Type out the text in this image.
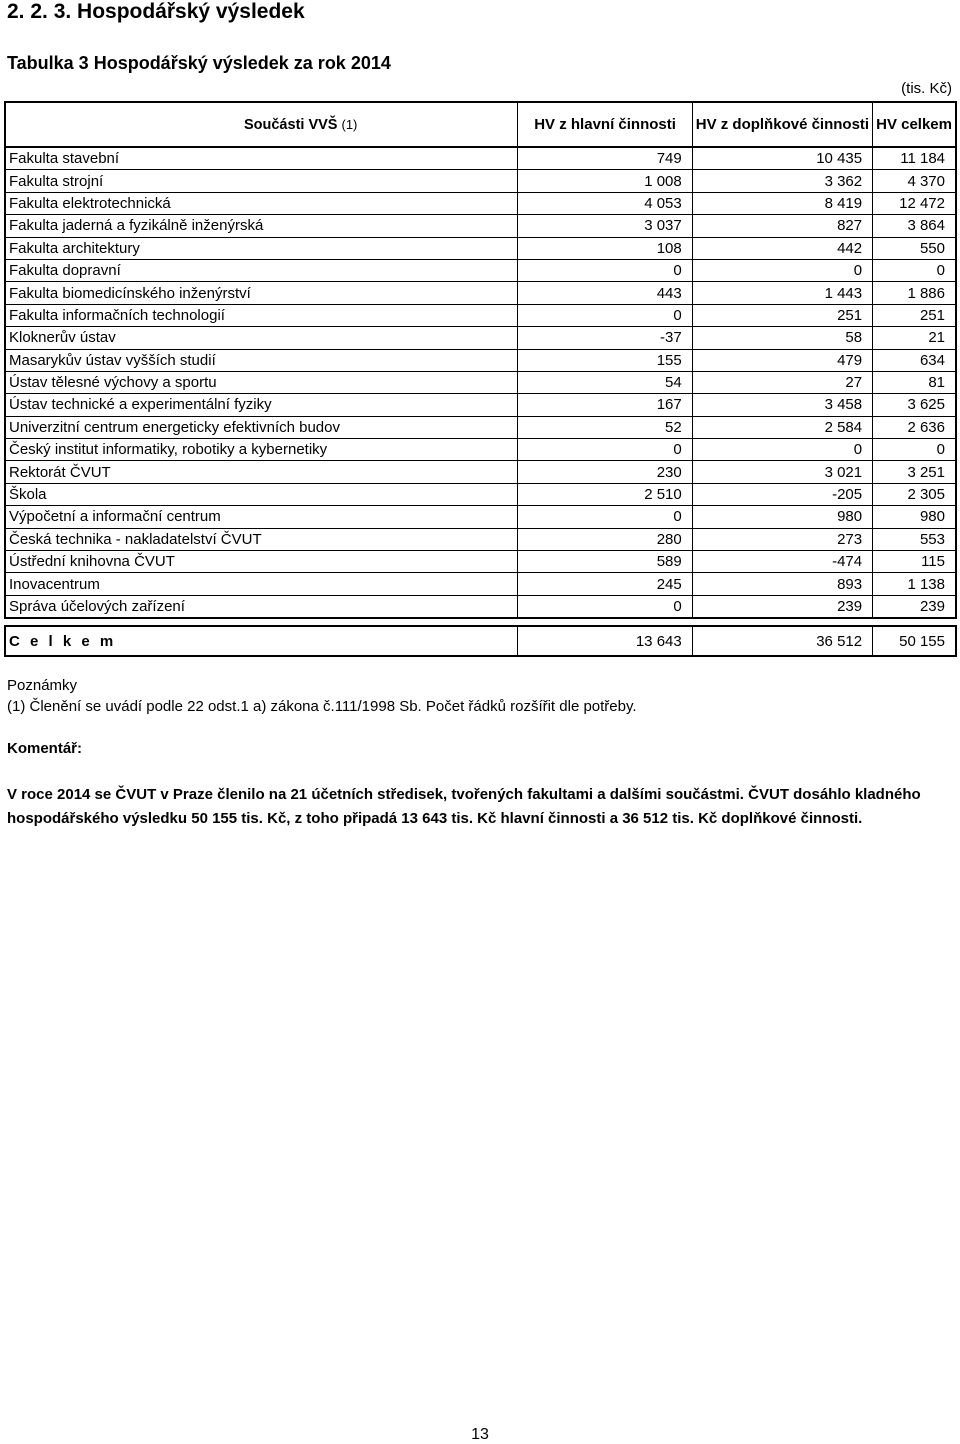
2. 2. 3. Hospodářský výsledek
Tabulka 3 Hospodářský výsledek za rok 2014
(tis. Kč)
Součásti VVŠ (1)	HV z hlavní činnosti	HV z doplňkové činnosti	HV celkem
Fakulta stavební	749	10 435	11 184
Fakulta strojní	1 008	3 362	4 370
Fakulta elektrotechnická	4 053	8 419	12 472
Fakulta jaderná a fyzikálně inženýrská	3 037	827	3 864
Fakulta architektury	108	442	550
Fakulta dopravní	0	0	0
Fakulta biomedicínského inženýrství	443	1 443	1 886
Fakulta informačních technologií	0	251	251
Kloknerův ústav	-37	58	21
Masarykův ústav vyšších studií	155	479	634
Ústav tělesné výchovy a sportu	54	27	81
Ústav technické a experimentální fyziky	167	3 458	3 625
Univerzitní centrum energeticky efektivních budov	52	2 584	2 636
Český institut informatiky, robotiky a kybernetiky	0	0	0
Rektorát ČVUT	230	3 021	3 251
Škola	2 510	-205	2 305
Výpočetní a informační centrum	0	980	980
Česká technika - nakladatelství ČVUT	280	273	553
Ústřední knihovna ČVUT	589	-474	115
Inovacentrum	245	893	1 138
Správa účelových zařízení	0	239	239

C e l k e m	13 643	36 512	50 155
Poznámky
(1) Členění se uvádí podle 22 odst.1 a) zákona č.111/1998 Sb. Počet řádků rozšířit dle potřeby.
Komentář:

V roce 2014 se ČVUT v Praze členilo na 21 účetních středisek, tvořených fakultami a dalšími součástmi. ČVUT dosáhlo kladného hospodářského výsledku 50 155 tis. Kč, z toho připadá 13 643 tis. Kč hlavní činnosti a 36 512 tis. Kč doplňkové činnosti.

13
